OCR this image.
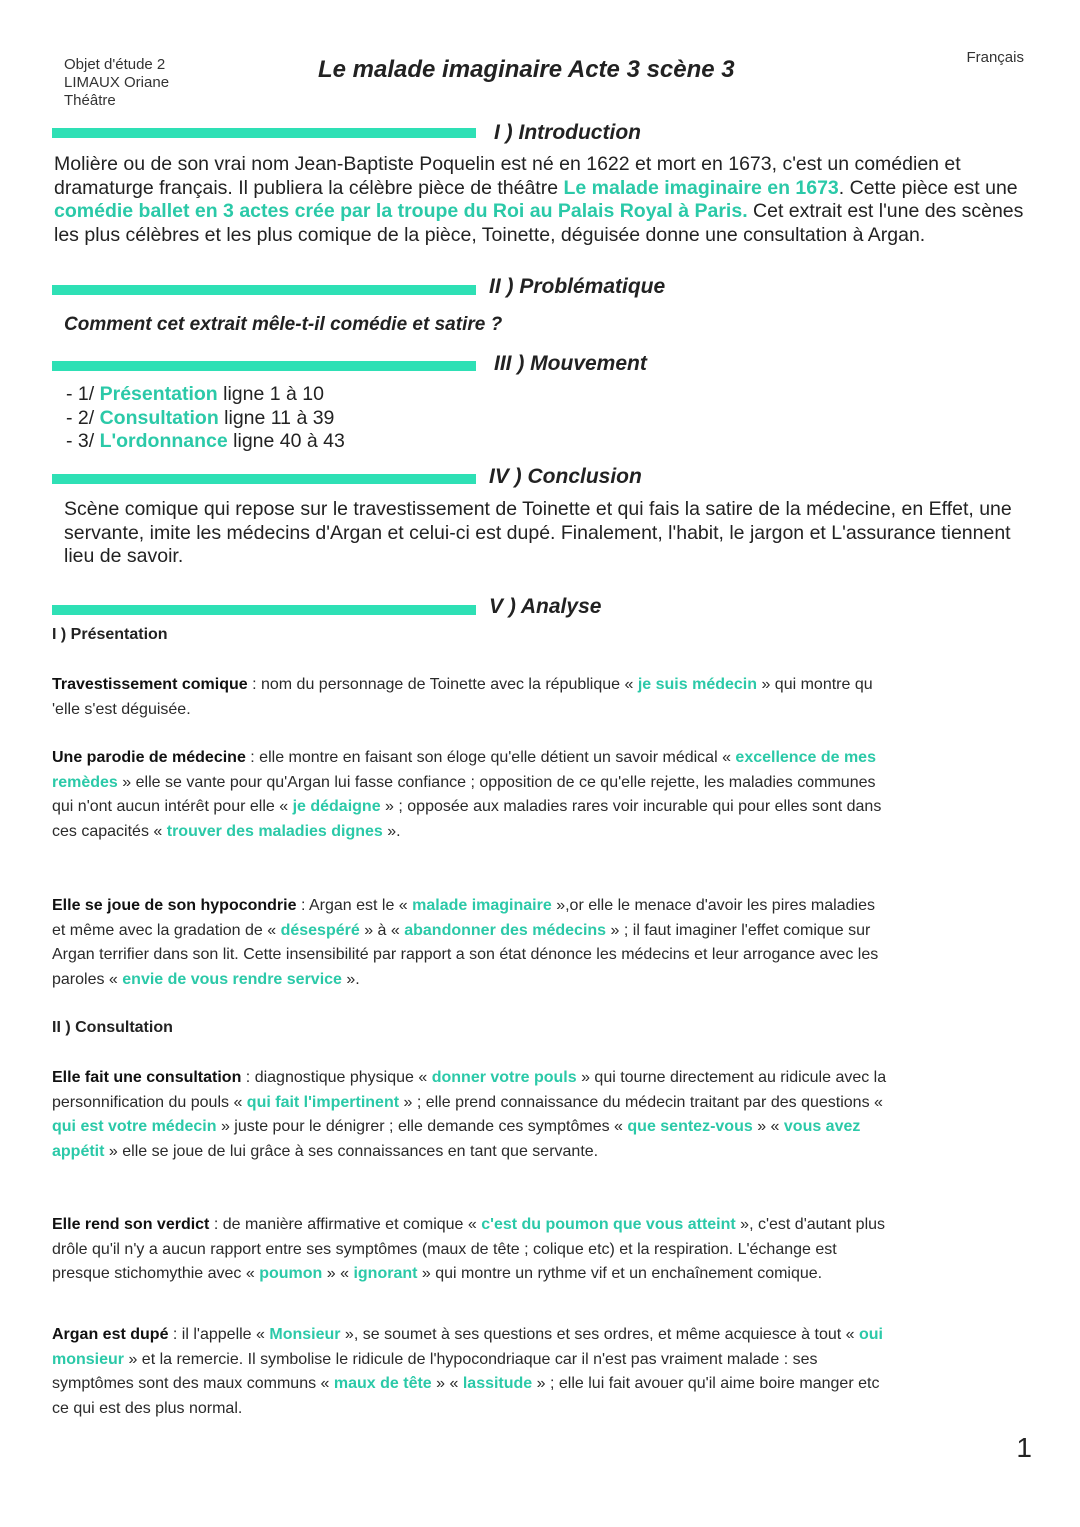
Objet d'étude 2
LIMAUX Oriane
Théâtre
Français
Le malade imaginaire Acte 3 scène 3
I ) Introduction
Molière ou de son vrai nom Jean-Baptiste Poquelin est né en 1622 et mort en 1673, c'est un comédien et dramaturge français. Il publiera la célèbre pièce de théâtre Le malade imaginaire en 1673. Cette pièce est une comédie ballet en 3 actes crée par la troupe du Roi au Palais Royal à Paris. Cet extrait est l'une des scènes les plus célèbres et les plus comique de la pièce, Toinette, déguisée donne une consultation à Argan.
II ) Problématique
Comment cet extrait mêle-t-il comédie et satire ?
III ) Mouvement
- 1/ Présentation ligne 1 à 10
- 2/ Consultation ligne 11 à 39
- 3/ L'ordonnance ligne 40 à 43
IV ) Conclusion
Scène comique qui repose sur le travestissement de Toinette et qui fais la satire de la médecine, en Effet, une servante, imite les médecins d'Argan et celui-ci est dupé. Finalement, l'habit, le jargon et L'assurance tiennent lieu de savoir.
V ) Analyse
I ) Présentation
Travestissement comique : nom du personnage de Toinette avec la république « je suis médecin » qui montre qu 'elle s'est déguisée.
Une parodie de médecine : elle montre en faisant son éloge qu'elle détient un savoir médical « excellence de mes remèdes » elle se vante pour qu'Argan lui fasse confiance ; opposition de ce qu'elle rejette, les maladies communes qui n'ont aucun intérêt pour elle « je dédaigne » ; opposée aux maladies rares voir incurable qui pour elles sont dans ces capacités « trouver des maladies dignes ».
Elle se joue de son hypocondrie : Argan est le « malade imaginaire »,or elle le menace d'avoir les pires maladies et même avec la gradation de « désespéré » à « abandonner des médecins » ; il faut imaginer l'effet comique sur Argan terrifier dans son lit. Cette insensibilité par rapport a son état dénonce les médecins et leur arrogance avec les paroles « envie de vous rendre service ».
II ) Consultation
Elle fait une consultation : diagnostique physique « donner votre pouls » qui tourne directement au ridicule avec la personnification du pouls « qui fait l'impertinent » ; elle prend connaissance du médecin traitant par des questions « qui est votre médecin » juste pour le dénigrer ; elle demande ces symptômes « que sentez-vous » « vous avez appétit » elle se joue de lui grâce à ses connaissances en tant que servante.
Elle rend son verdict : de manière affirmative et comique « c'est du poumon que vous atteint », c'est d'autant plus drôle qu'il n'y a aucun rapport entre ses symptômes (maux de tête ; colique etc) et la respiration. L'échange est presque stichomythie avec « poumon » « ignorant » qui montre un rythme vif et un enchaînement comique.
Argan est dupé : il l'appelle « Monsieur », se soumet à ses questions et ses ordres, et même acquiesce à tout « oui monsieur » et la remercie. Il symbolise le ridicule de l'hypocondriaque car il n'est pas vraiment malade : ses symptômes sont des maux communs « maux de tête » « lassitude » ; elle lui fait avouer qu'il aime boire manger etc ce qui est des plus normal.
1
